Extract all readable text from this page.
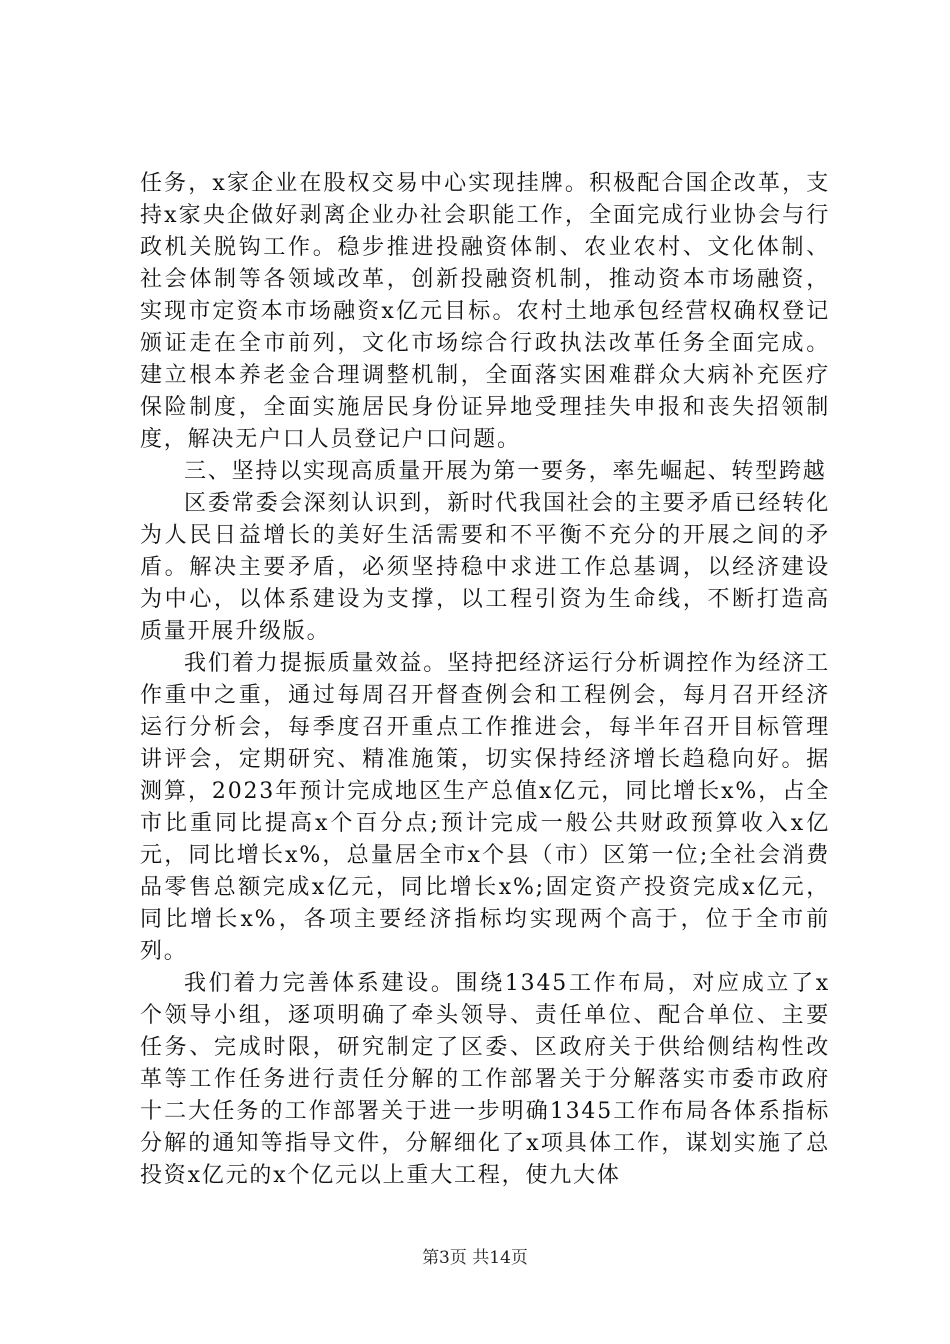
任务，x家企业在股权交易中心实现挂牌。积极配合国企改革，支持x家央企做好剥离企业办社会职能工作，全面完成行业协会与行政机关脱钩工作。稳步推进投融资体制、农业农村、文化体制、社会体制等各领域改革，创新投融资机制，推动资本市场融资，实现市定资本市场融资x亿元目标。农村土地承包经营权确权登记颁证走在全市前列，文化市场综合行政执法改革任务全面完成。建立根本养老金合理调整机制，全面落实困难群众大病补充医疗保险制度，全面实施居民身份证异地受理挂失申报和丧失招领制度，解决无户口人员登记户口问题。

三、坚持以实现高质量开展为第一要务，率先崛起、转型跨越

区委常委会深刻认识到，新时代我国社会的主要矛盾已经转化为人民日益增长的美好生活需要和不平衡不充分的开展之间的矛盾。解决主要矛盾，必须坚持稳中求进工作总基调，以经济建设为中心，以体系建设为支撑，以工程引资为生命线，不断打造高质量开展升级版。

我们着力提振质量效益。坚持把经济运行分析调控作为经济工作重中之重，通过每周召开督查例会和工程例会，每月召开经济运行分析会，每季度召开重点工作推进会，每半年召开目标管理讲评会，定期研究、精准施策，切实保持经济增长趋稳向好。据测算，2023年预计完成地区生产总值x亿元，同比增长x%，占全市比重同比提高x个百分点;预计完成一般公共财政预算收入x亿元，同比增长x%，总量居全市x个县（市）区第一位;全社会消费品零售总额完成x亿元，同比增长x%;固定资产投资完成x亿元，同比增长x%，各项主要经济指标均实现两个高于，位于全市前列。

我们着力完善体系建设。围绕1345工作布局，对应成立了x个领导小组，逐项明确了牵头领导、责任单位、配合单位、主要任务、完成时限，研究制定了区委、区政府关于供给侧结构性改革等工作任务进行责任分解的工作部署关于分解落实市委市政府十二大任务的工作部署关于进一步明确1345工作布局各体系指标分解的通知等指导文件，分解细化了x项具体工作，谋划实施了总投资x亿元的x个亿元以上重大工程，使九大体

第3页 共14页
